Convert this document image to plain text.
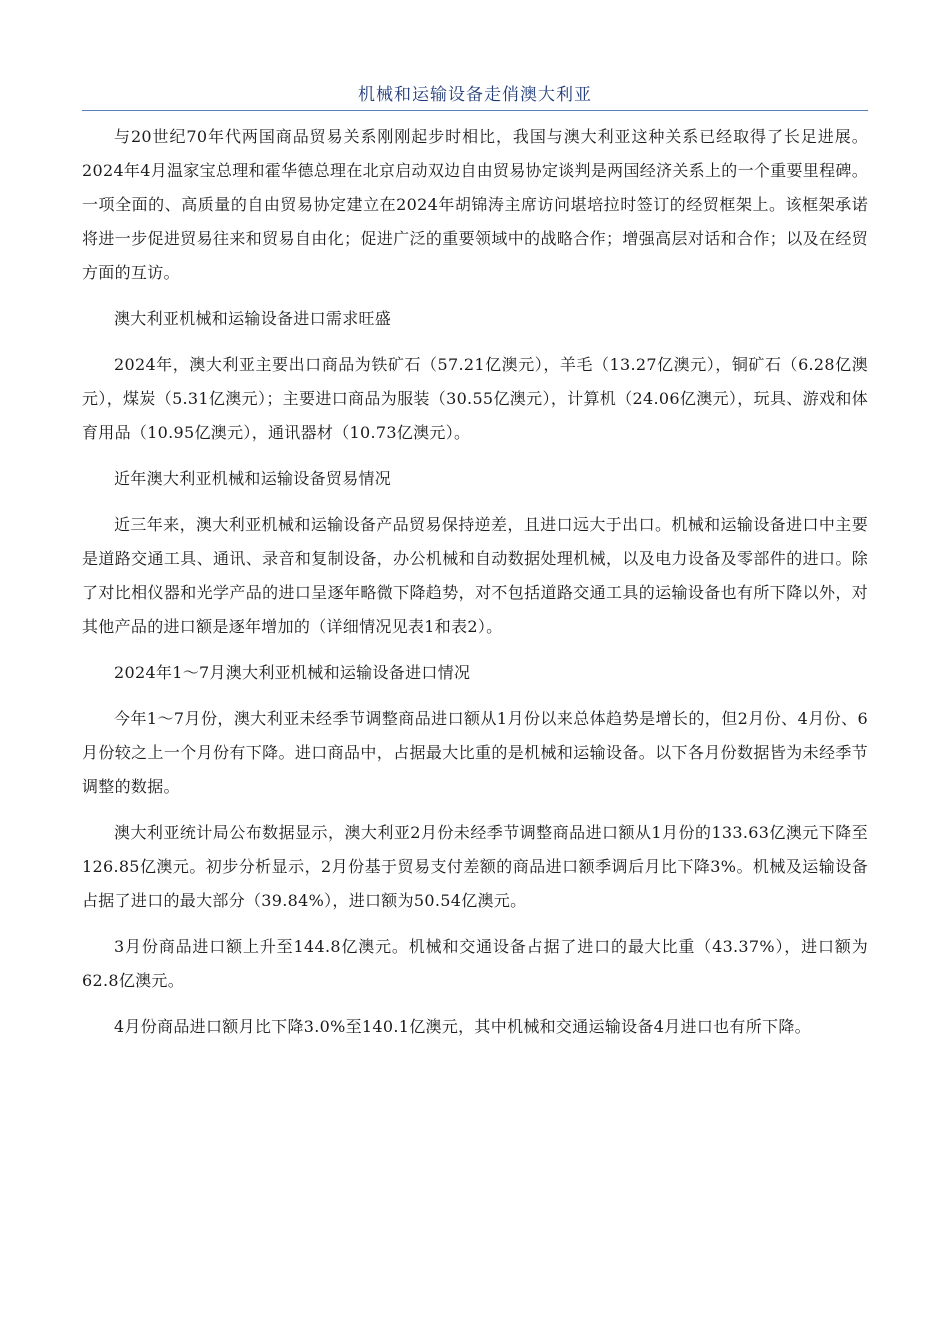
机械和运输设备走俏澳大利亚

与20世纪70年代两国商品贸易关系刚刚起步时相比，我国与澳大利亚这种关系已经取得了长足进展。2024年4月温家宝总理和霍华德总理在北京启动双边自由贸易协定谈判是两国经济关系上的一个重要里程碑。一项全面的、高质量的自由贸易协定建立在2024年胡锦涛主席访问堪培拉时签订的经贸框架上。该框架承诺将进一步促进贸易往来和贸易自由化；促进广泛的重要领域中的战略合作；增强高层对话和合作；以及在经贸方面的互访。

澳大利亚机械和运输设备进口需求旺盛

2024年，澳大利亚主要出口商品为铁矿石（57.21亿澳元），羊毛（13.27亿澳元），铜矿石（6.28亿澳元），煤炭（5.31亿澳元）；主要进口商品为服装（30.55亿澳元），计算机（24.06亿澳元），玩具、游戏和体育用品（10.95亿澳元），通讯器材（10.73亿澳元）。

近年澳大利亚机械和运输设备贸易情况

近三年来，澳大利亚机械和运输设备产品贸易保持逆差，且进口远大于出口。机械和运输设备进口中主要是道路交通工具、通讯、录音和复制设备，办公机械和自动数据处理机械，以及电力设备及零部件的进口。除了对比相仪器和光学产品的进口呈逐年略微下降趋势，对不包括道路交通工具的运输设备也有所下降以外，对其他产品的进口额是逐年增加的（详细情况见表1和表2）。

2024年1～7月澳大利亚机械和运输设备进口情况

今年1～7月份，澳大利亚未经季节调整商品进口额从1月份以来总体趋势是增长的，但2月份、4月份、6月份较之上一个月份有下降。进口商品中，占据最大比重的是机械和运输设备。以下各月份数据皆为未经季节调整的数据。

澳大利亚统计局公布数据显示，澳大利亚2月份未经季节调整商品进口额从1月份的133.63亿澳元下降至126.85亿澳元。初步分析显示，2月份基于贸易支付差额的商品进口额季调后月比下降3%。机械及运输设备占据了进口的最大部分（39.84%），进口额为50.54亿澳元。

3月份商品进口额上升至144.8亿澳元。机械和交通设备占据了进口的最大比重（43.37%），进口额为62.8亿澳元。

4月份商品进口额月比下降3.0%至140.1亿澳元，其中机械和交通运输设备4月进口也有所下降。
